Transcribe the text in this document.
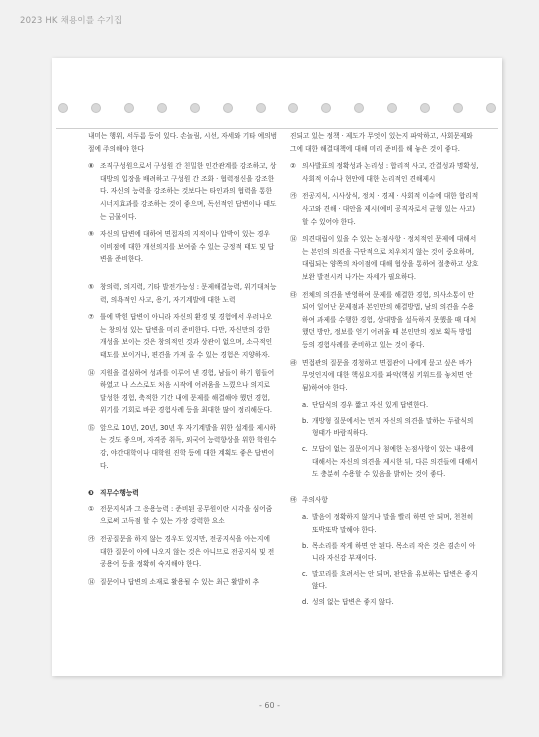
2023 HK 채용이를 수기집

내미는 행위, 서두름 등이 있다. 손놀림, 시선, 자세와 기타 예의범절에 주의해야 한다

⑧ 조직구성원으로서 구성원 간 친밀한 인간관계를 강조하고, 상대방의 입장을 배려하고 구성원 간 조화 · 협력정신을 강조한다. 자신의 능력을 강조하는 것보다는 타인과의 협력을 통한 시너지효과를 강조하는 것이 좋으며, 독선적인 답변이나 태도는 금물이다.
⑨ 자신의 답변에 대하여 면접자의 지적이나 압박이 있는 경우 이비점에 대한 개선의지를 보여줄 수 있는 긍정적 태도 및 답변을 준비한다.
⑤ 창의력, 의지력, 기타 발전가능성 : 문제해결능력, 위기대처능력, 의욕적인 사고, 용기, 자기계발에 대한 노력
⑦ 틀에 박힌 답변이 아니라 자신의 환경 및 경험에서 우러나오는 창의성 있는 답변을 미리 준비한다. 다만, 자신만의 강한 개성을 보이는 것은 창의적인 것과 상관이 없으며, 소극적인 태도를 보이거나, 편견을 가져 올 수 있는 경험은 지양하자.
⑭ 지원을 결심하여 성과를 이루어 낸 경험, 남들이 하기 힘들어 하였고 나 스스로도 처음 시작에 어려움을 느꼈으나 의지로 달성한 경험, 축적한 기간 내에 문제를 해결해야 했던 경험, 위기를 기회로 바꾼 경험사례 등을 최대한 많이 정리해둔다.
⑮ 앞으로 10년, 20년, 30년 후 자기계발을 위한 설계를 제시하는 것도 좋으며, 자격증 취득, 외국어 능력향상을 위한 학원수강, 야간대학이나 대학원 진학 등에 대한 계획도 좋은 답변이다.
❸ 직무수행능력
① 전문지식과 그 응용능력 : 준비된 공무원이란 시각을 심어줌으로써 고득점 할 수 있는 가장 강력한 요소
㉮ 전공질문을 하지 않는 경우도 있지만, 전공지식을 아는지에 대한 질문이 아예 나오지 않는 것은 아니므로 전공지식 및 전공용어 등을 정확히 숙지해야 한다.
⑭ 질문이나 답변의 소재로 활용될 수 있는 최근 활발히 추

진되고 있는 정책 · 제도가 무엇이 있는지 파악하고, 사회문제와 그에 대한 해결대책에 대해 미리 준비를 해 놓은 것이 좋다.

② 의사발표의 정확성과 논리성 : 합리적 사고, 간결성과 명확성, 사회적 이슈나 현안에 대한 논리적인 견해제시
㉮ 전공지식, 시사상식, 정치 · 경제 · 사회적 이슈에 대한 합리적 사고와 견해 · 대안을 제시(예비 공직자로서 균형 있는 사고) 할 수 있어야 한다.
⑭ 의견대립이 있을 수 있는 논점사항 · 정치적인 문제에 대해서는 본인의 의견을 극단적으로 치우치지 않는 것이 중요하며, 대립되는 양쪽의 차이점에 대해 협상을 통하여 절충하고 상호 보완 발전시켜 나가는 자세가 필요하다.
㉰ 전체의 의견을 반영하여 문제를 해결한 경험, 의사소통이 안 되어 일어난 문제점과 본인만의 해결방법, 남의 의견을 수용하여 과제를 수행한 경험, 상대방을 설득하지 못했을 때 대처했던 방안, 정보를 얻기 어려울 때 본인만의 정보 획득 방법 등의 경험사례를 준비하고 있는 것이 좋다.
㉱ 면접관의 질문을 경청하고 면접관이 나에게 묻고 싶은 바가 무엇인지에 대한 핵심요지를 파악(핵심 키워드를 놓치면 안 됨)하여야 한다.
a. 단답식의 경우 짧고 자신 있게 답변한다.
b. 개방형 질문에서는 먼저 자신의 의견을 말하는 두괄식의 형태가 바람직하다.
c. 모답이 없는 질문이거나 첨예한 논점사항이 있는 내용에 대해서는 자신의 의견을 제시한 뒤, 다른 의견들에 대해서도 충분히 수용할 수 있음을 밝히는 것이 좋다.
㉲ 주의사항
a. 발음이 정확하지 않거나 말을 빨리 하면 안 되며, 천천히 또박또박 말해야 한다.
b. 목소리를 작게 하면 안 된다. 목소리 작은 것은 겸손이 아니라 자신감 부재이다.
c. 말꼬리를 흐려서는 안 되며, 판단을 유보하는 답변은 좋지 않다.
d. 성의 없는 답변은 좋지 않다.
- 60 -
